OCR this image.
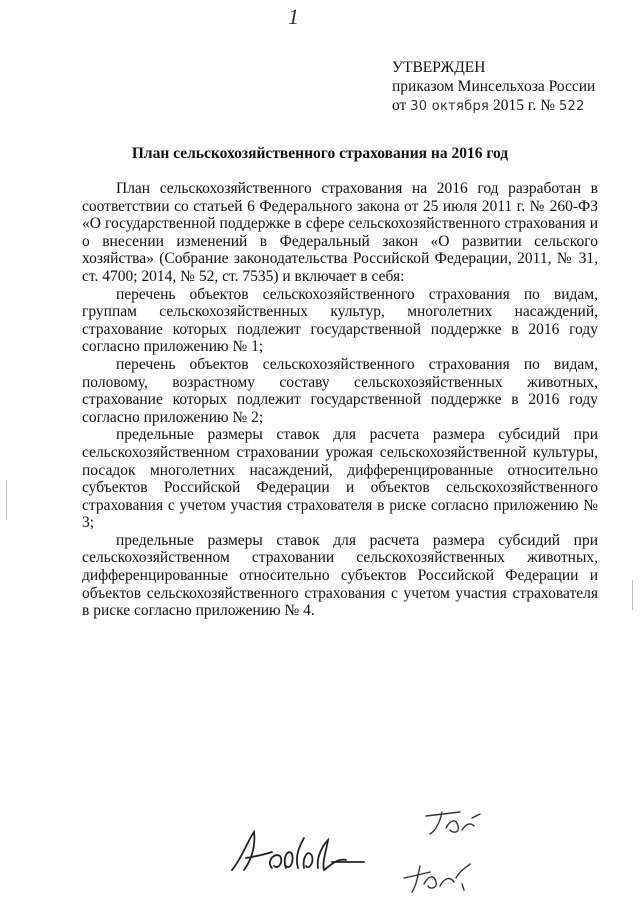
1
УТВЕРЖДЕН
приказом Минсельхоза России
от 30 октября 2015 г. № 522
План сельскохозяйственного страхования на 2016 год

План сельскохозяйственного страхования на 2016 год разработан в соответствии со статьей 6 Федерального закона от 25 июля 2011 г. № 260-ФЗ «О государственной поддержке в сфере сельскохозяйственного страхования и о внесении изменений в Федеральный закон «О развитии сельского хозяйства» (Собрание законодательства Российской Федерации, 2011, № 31, ст. 4700; 2014, № 52, ст. 7535) и включает в себя:

перечень объектов сельскохозяйственного страхования по видам, группам сельскохозяйственных культур, многолетних насаждений, страхование которых подлежит государственной поддержке в 2016 году согласно приложению № 1;

перечень объектов сельскохозяйственного страхования по видам, половому, возрастному составу сельскохозяйственных животных, страхование которых подлежит государственной поддержке в 2016 году согласно приложению № 2;

предельные размеры ставок для расчета размера субсидий при сельскохозяйственном страховании урожая сельскохозяйственной культуры, посадок многолетних насаждений, дифференцированные относительно субъектов Российской Федерации и объектов сельскохозяйственного страхования с учетом участия страхователя в риске согласно приложению № 3;

предельные размеры ставок для расчета размера субсидий при сельскохозяйственном страховании сельскохозяйственных животных, дифференцированные относительно субъектов Российской Федерации и объектов сельскохозяйственного страхования с учетом участия страхователя в риске согласно приложению № 4.
